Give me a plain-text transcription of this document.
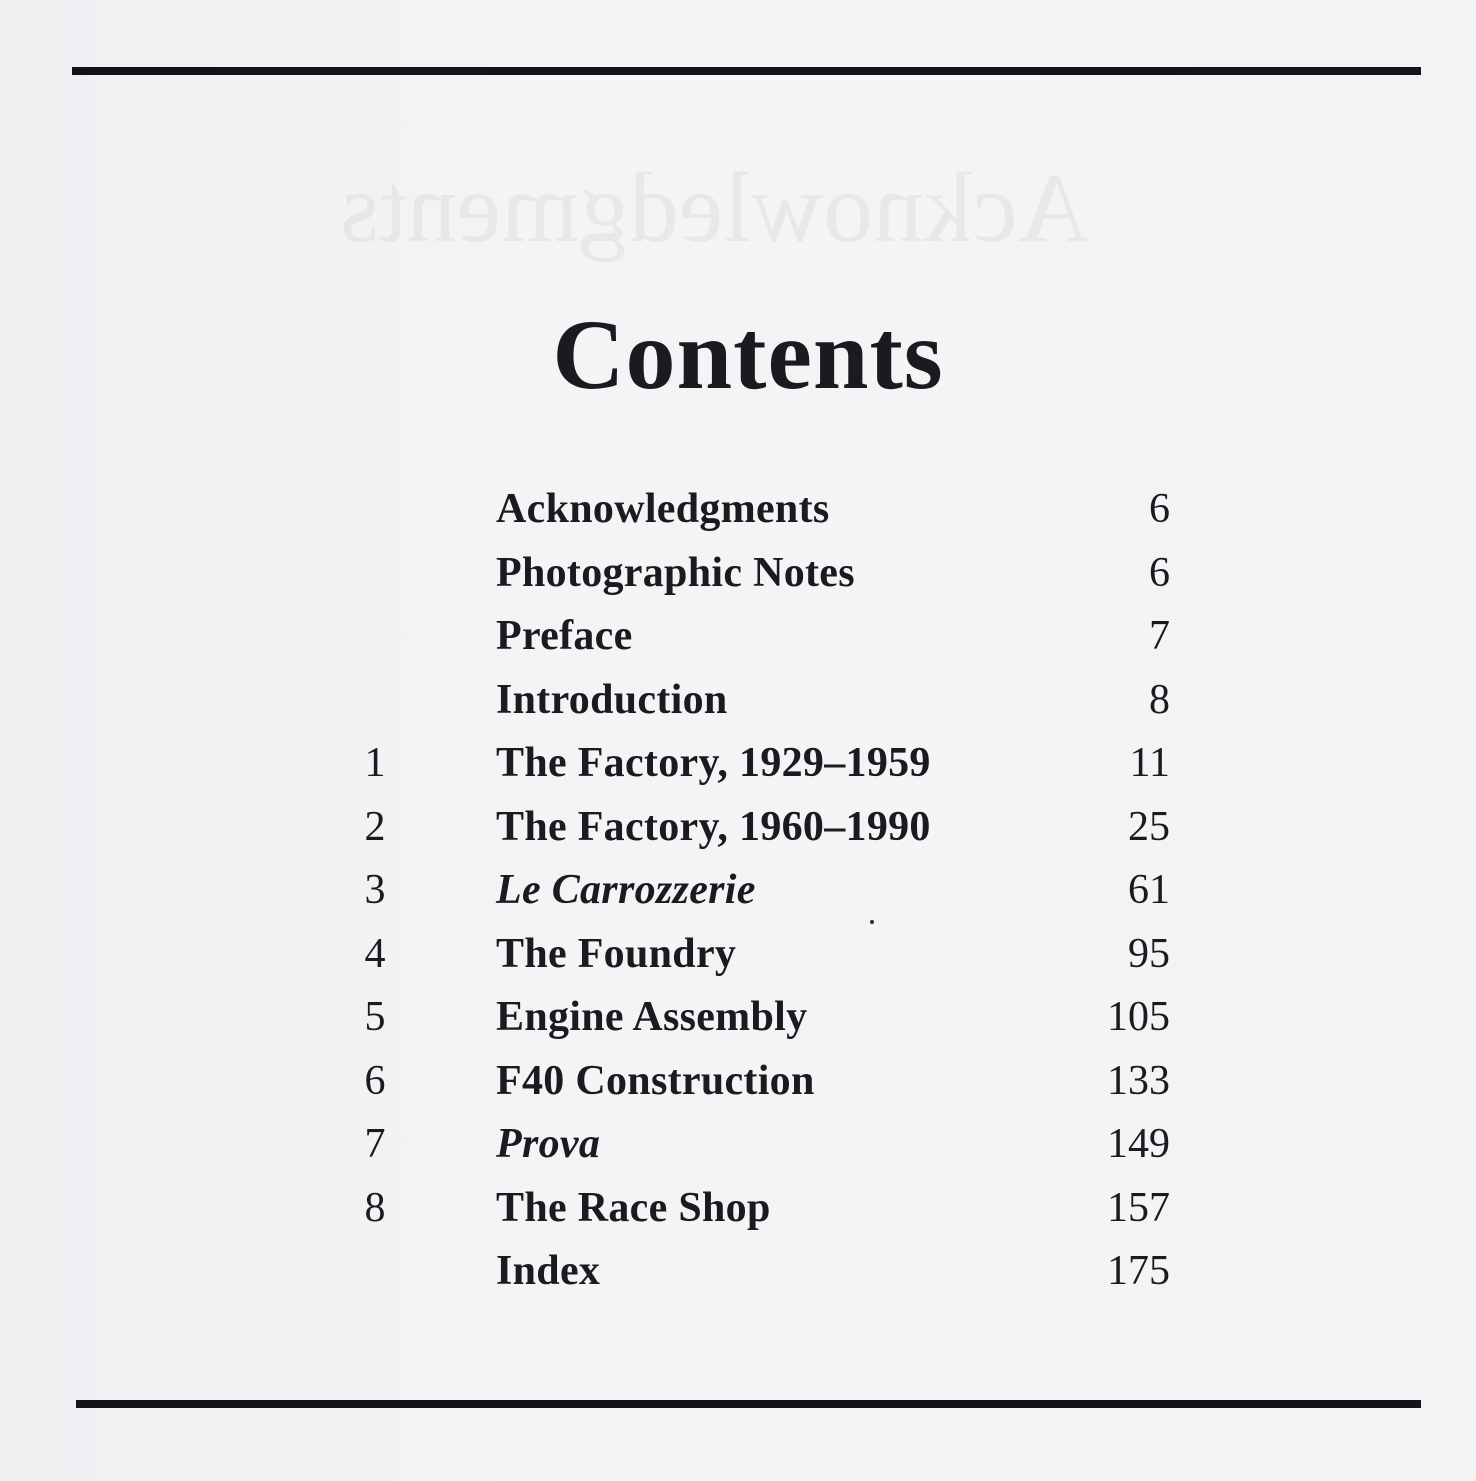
Acknowledgments
Contents
Acknowledgments	6
Photographic Notes	6
Preface	7
Introduction	8
1	The Factory, 1929–1959	11
2	The Factory, 1960–1990	25
3	Le Carrozzerie	61
4	The Foundry	95
5	Engine Assembly	105
6	F40 Construction	133
7	Prova	149
8	The Race Shop	157
Index	175
